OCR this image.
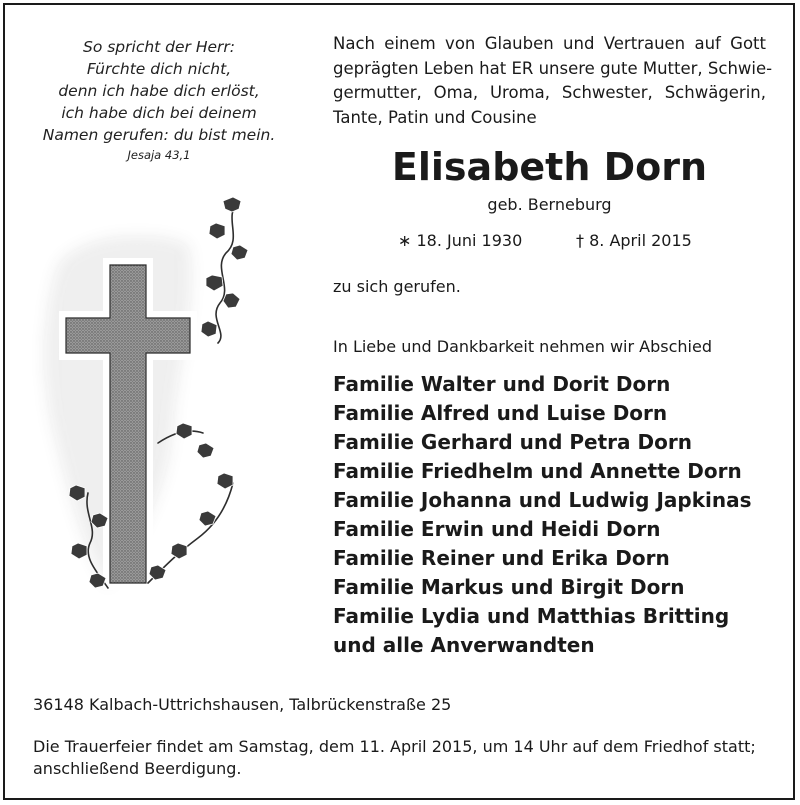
So spricht der Herr:
Fürchte dich nicht,
denn ich habe dich erlöst,
ich habe dich bei deinem
Namen gerufen: du bist mein.
Jesaja 43,1
Nach einem von Glauben und Vertrauen auf Gott
geprägten Leben hat ER unsere gute Mutter, Schwie-
germutter, Oma, Uroma, Schwester, Schwägerin,
Tante, Patin und Cousine
Elisabeth Dorn
geb. Berneburg
∗ 18. Juni 1930	† 8. April 2015
zu sich gerufen.
In Liebe und Dankbarkeit nehmen wir Abschied
Familie Walter und Dorit Dorn
Familie Alfred und Luise Dorn
Familie Gerhard und Petra Dorn
Familie Friedhelm und Annette Dorn
Familie Johanna und Ludwig Japkinas
Familie Erwin und Heidi Dorn
Familie Reiner und Erika Dorn
Familie Markus und Birgit Dorn
Familie Lydia und Matthias Britting
und alle Anverwandten
36148 Kalbach-Uttrichshausen, Talbrückenstraße 25
Die Trauerfeier findet am Samstag, dem 11. April 2015, um 14 Uhr auf dem Friedhof statt;
anschließend Beerdigung.
